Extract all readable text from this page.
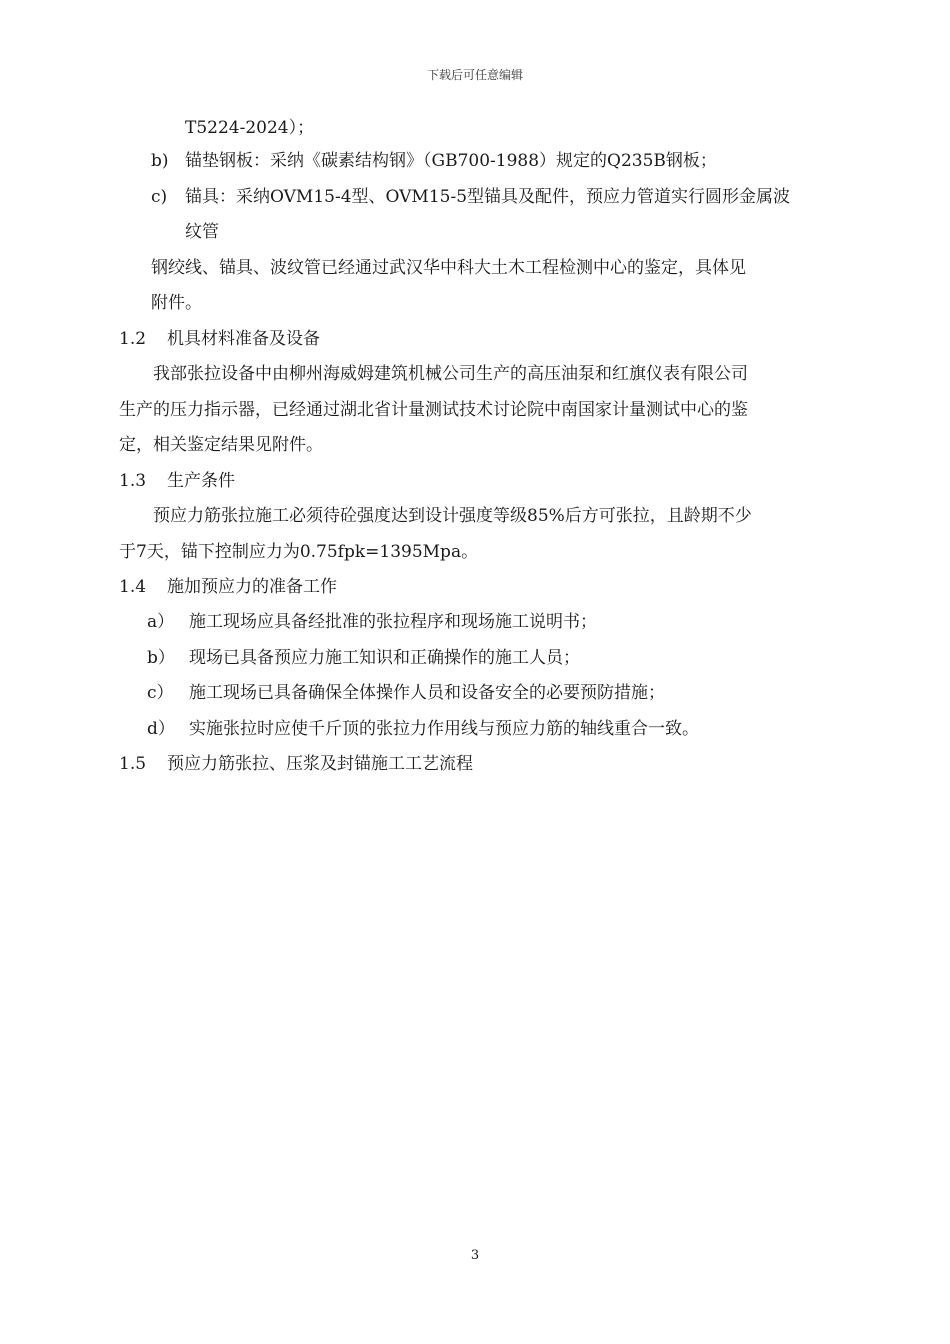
下载后可任意编辑
T5224-2024）；
b) 锚垫钢板：采纳《碳素结构钢》（GB700-1988）规定的Q235B钢板；
c) 锚具：采纳OVM15-4型、OVM15-5型锚具及配件，预应力管道实行圆形金属波
纹管
钢绞线、锚具、波纹管已经通过武汉华中科大土木工程检测中心的鉴定，具体见
附件。
1.2 机具材料准备及设备
我部张拉设备中由柳州海威姆建筑机械公司生产的高压油泵和红旗仪表有限公司
生产的压力指示器，已经通过湖北省计量测试技术讨论院中南国家计量测试中心的鉴
定，相关鉴定结果见附件。
1.3 生产条件
预应力筋张拉施工必须待砼强度达到设计强度等级85%后方可张拉，且龄期不少
于7天，锚下控制应力为0.75fpk=1395Mpa。
1.4 施加预应力的准备工作
a） 施工现场应具备经批准的张拉程序和现场施工说明书；
b） 现场已具备预应力施工知识和正确操作的施工人员；
c） 施工现场已具备确保全体操作人员和设备安全的必要预防措施；
d） 实施张拉时应使千斤顶的张拉力作用线与预应力筋的轴线重合一致。
1.5 预应力筋张拉、压浆及封锚施工工艺流程
3
